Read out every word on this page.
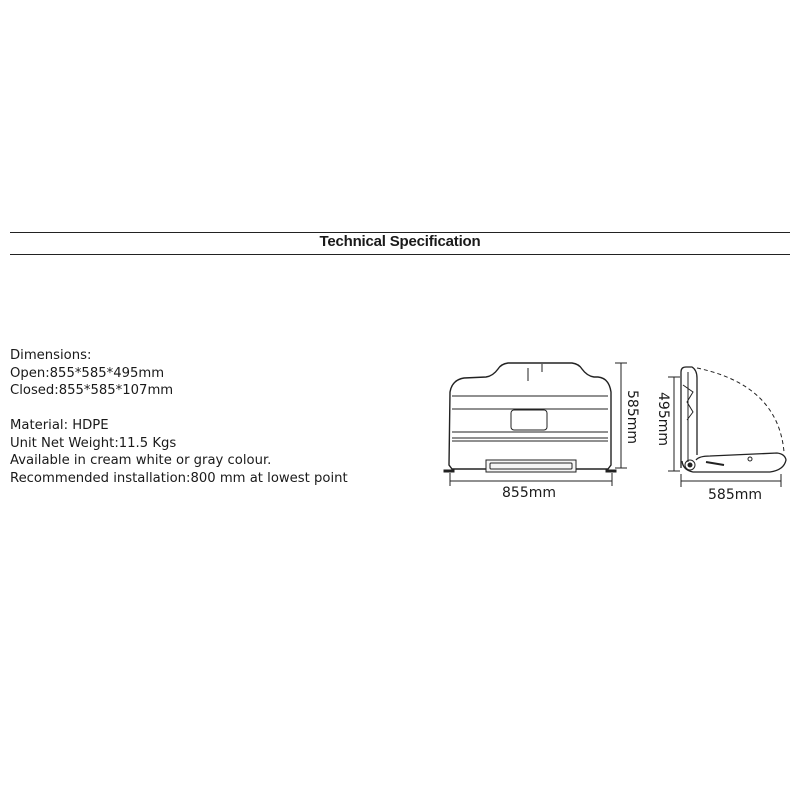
Technical Specification
Dimensions:
Open:855*585*495mm
Closed:855*585*107mm
Material: HDPE
Unit Net Weight:11.5 Kgs
Available in cream white or gray colour.
Recommended installation:800 mm at lowest point
855mm
585mm 495mm
585mm
